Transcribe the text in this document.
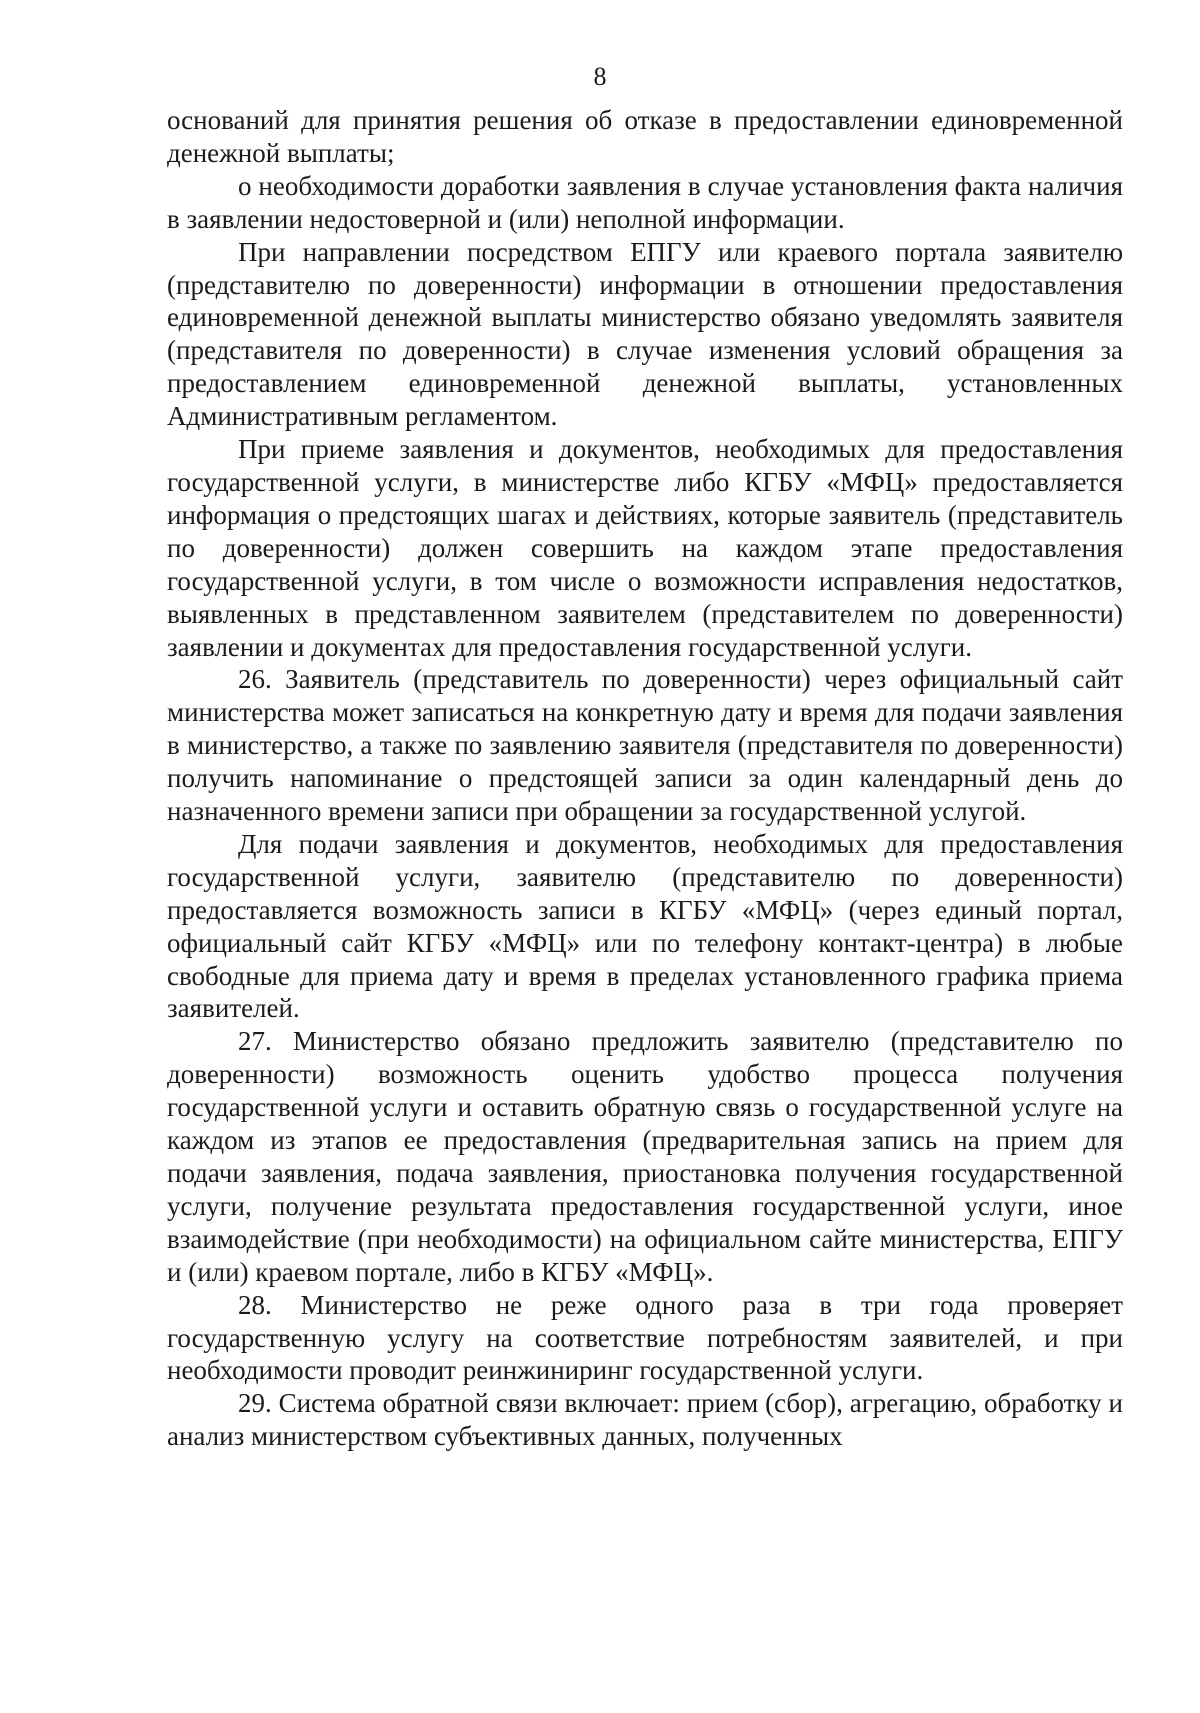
8

оснований для принятия решения об отказе в предоставлении единовременной денежной выплаты;

о необходимости доработки заявления в случае установления факта наличия в заявлении недостоверной и (или) неполной информации.

При направлении посредством ЕПГУ или краевого портала заявителю (представителю по доверенности) информации в отношении предоставления единовременной денежной выплаты министерство обязано уведомлять заявителя (представителя по доверенности) в случае изменения условий обращения за предоставлением единовременной денежной выплаты, установленных Административным регламентом.

При приеме заявления и документов, необходимых для предоставления государственной услуги, в министерстве либо КГБУ «МФЦ» предоставляется информация о предстоящих шагах и действиях, которые заявитель (представитель по доверенности) должен совершить на каждом этапе предоставления государственной услуги, в том числе о возможности исправления недостатков, выявленных в представленном заявителем (представителем по доверенности) заявлении и документах для предоставления государственной услуги.

26. Заявитель (представитель по доверенности) через официальный сайт министерства может записаться на конкретную дату и время для подачи заявления в министерство, а также по заявлению заявителя (представителя по доверенности) получить напоминание о предстоящей записи за один календарный день до назначенного времени записи при обращении за государственной услугой.

Для подачи заявления и документов, необходимых для предоставления государственной услуги, заявителю (представителю по доверенности) предоставляется возможность записи в КГБУ «МФЦ» (через единый портал, официальный сайт КГБУ «МФЦ» или по телефону контакт-центра) в любые свободные для приема дату и время в пределах установленного графика приема заявителей.

27. Министерство обязано предложить заявителю (представителю по доверенности) возможность оценить удобство процесса получения государственной услуги и оставить обратную связь о государственной услуге на каждом из этапов ее предоставления (предварительная запись на прием для подачи заявления, подача заявления, приостановка получения государственной услуги, получение результата предоставления государственной услуги, иное взаимодействие (при необходимости) на официальном сайте министерства, ЕПГУ и (или) краевом портале, либо в КГБУ «МФЦ».

28. Министерство не реже одного раза в три года проверяет государственную услугу на соответствие потребностям заявителей, и при необходимости проводит реинжиниринг государственной услуги.

29. Система обратной связи включает: прием (сбор), агрегацию, обработку и анализ министерством субъективных данных, полученных
